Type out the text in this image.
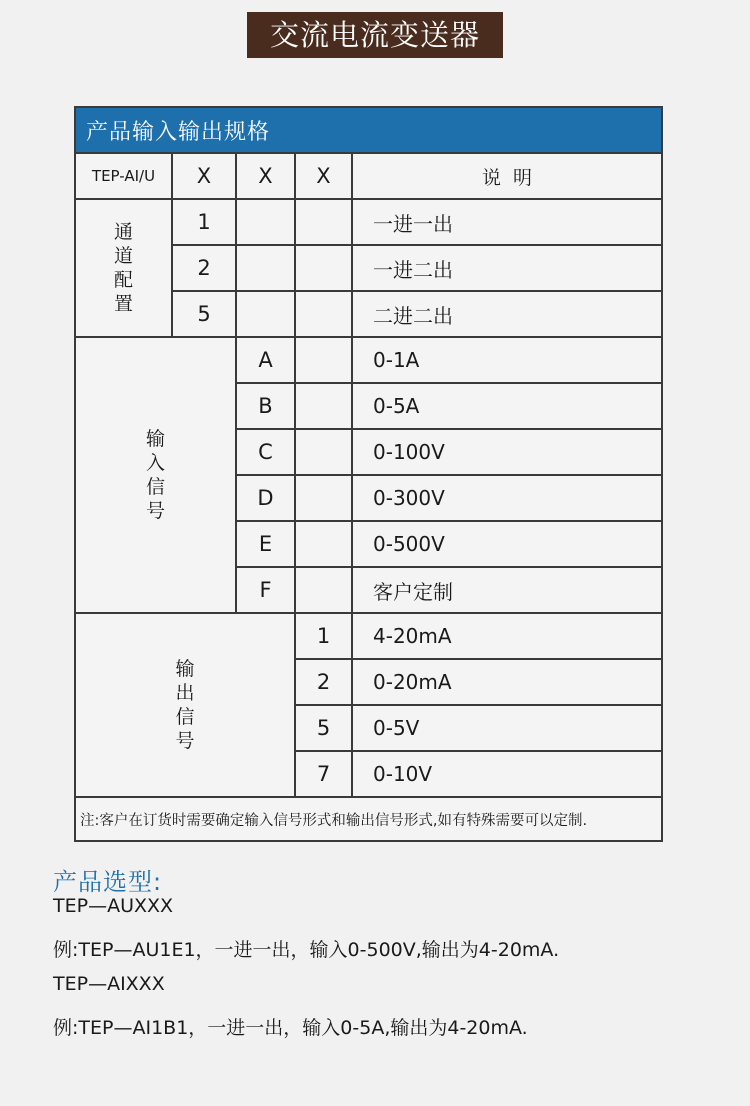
交流电流变送器
产品输入输出规格				
TEP-AI/U	X	X	X	说  明

通
道
配
置	1			一进一出
	2			一进二出
	5			二进二出

输
入
信
号		A		0-1A
		B		0-5A
		C		0-100V
		D		0-300V
		E		0-500V
		F		客户定制

输
出
信
号			1	4-20mA
			2	0-20mA
			5	0-5V
			7	0-10V
注:客户在订货时需要确定输入信号形式和输出信号形式,如有特殊需要可以定制.				
产品选型:
TEP—AUXXX
例:TEP—AU1E1，一进一出，输入0-500V,输出为4-20mA.
TEP—AIXXX
例:TEP—AI1B1，一进一出，输入0-5A,输出为4-20mA.
